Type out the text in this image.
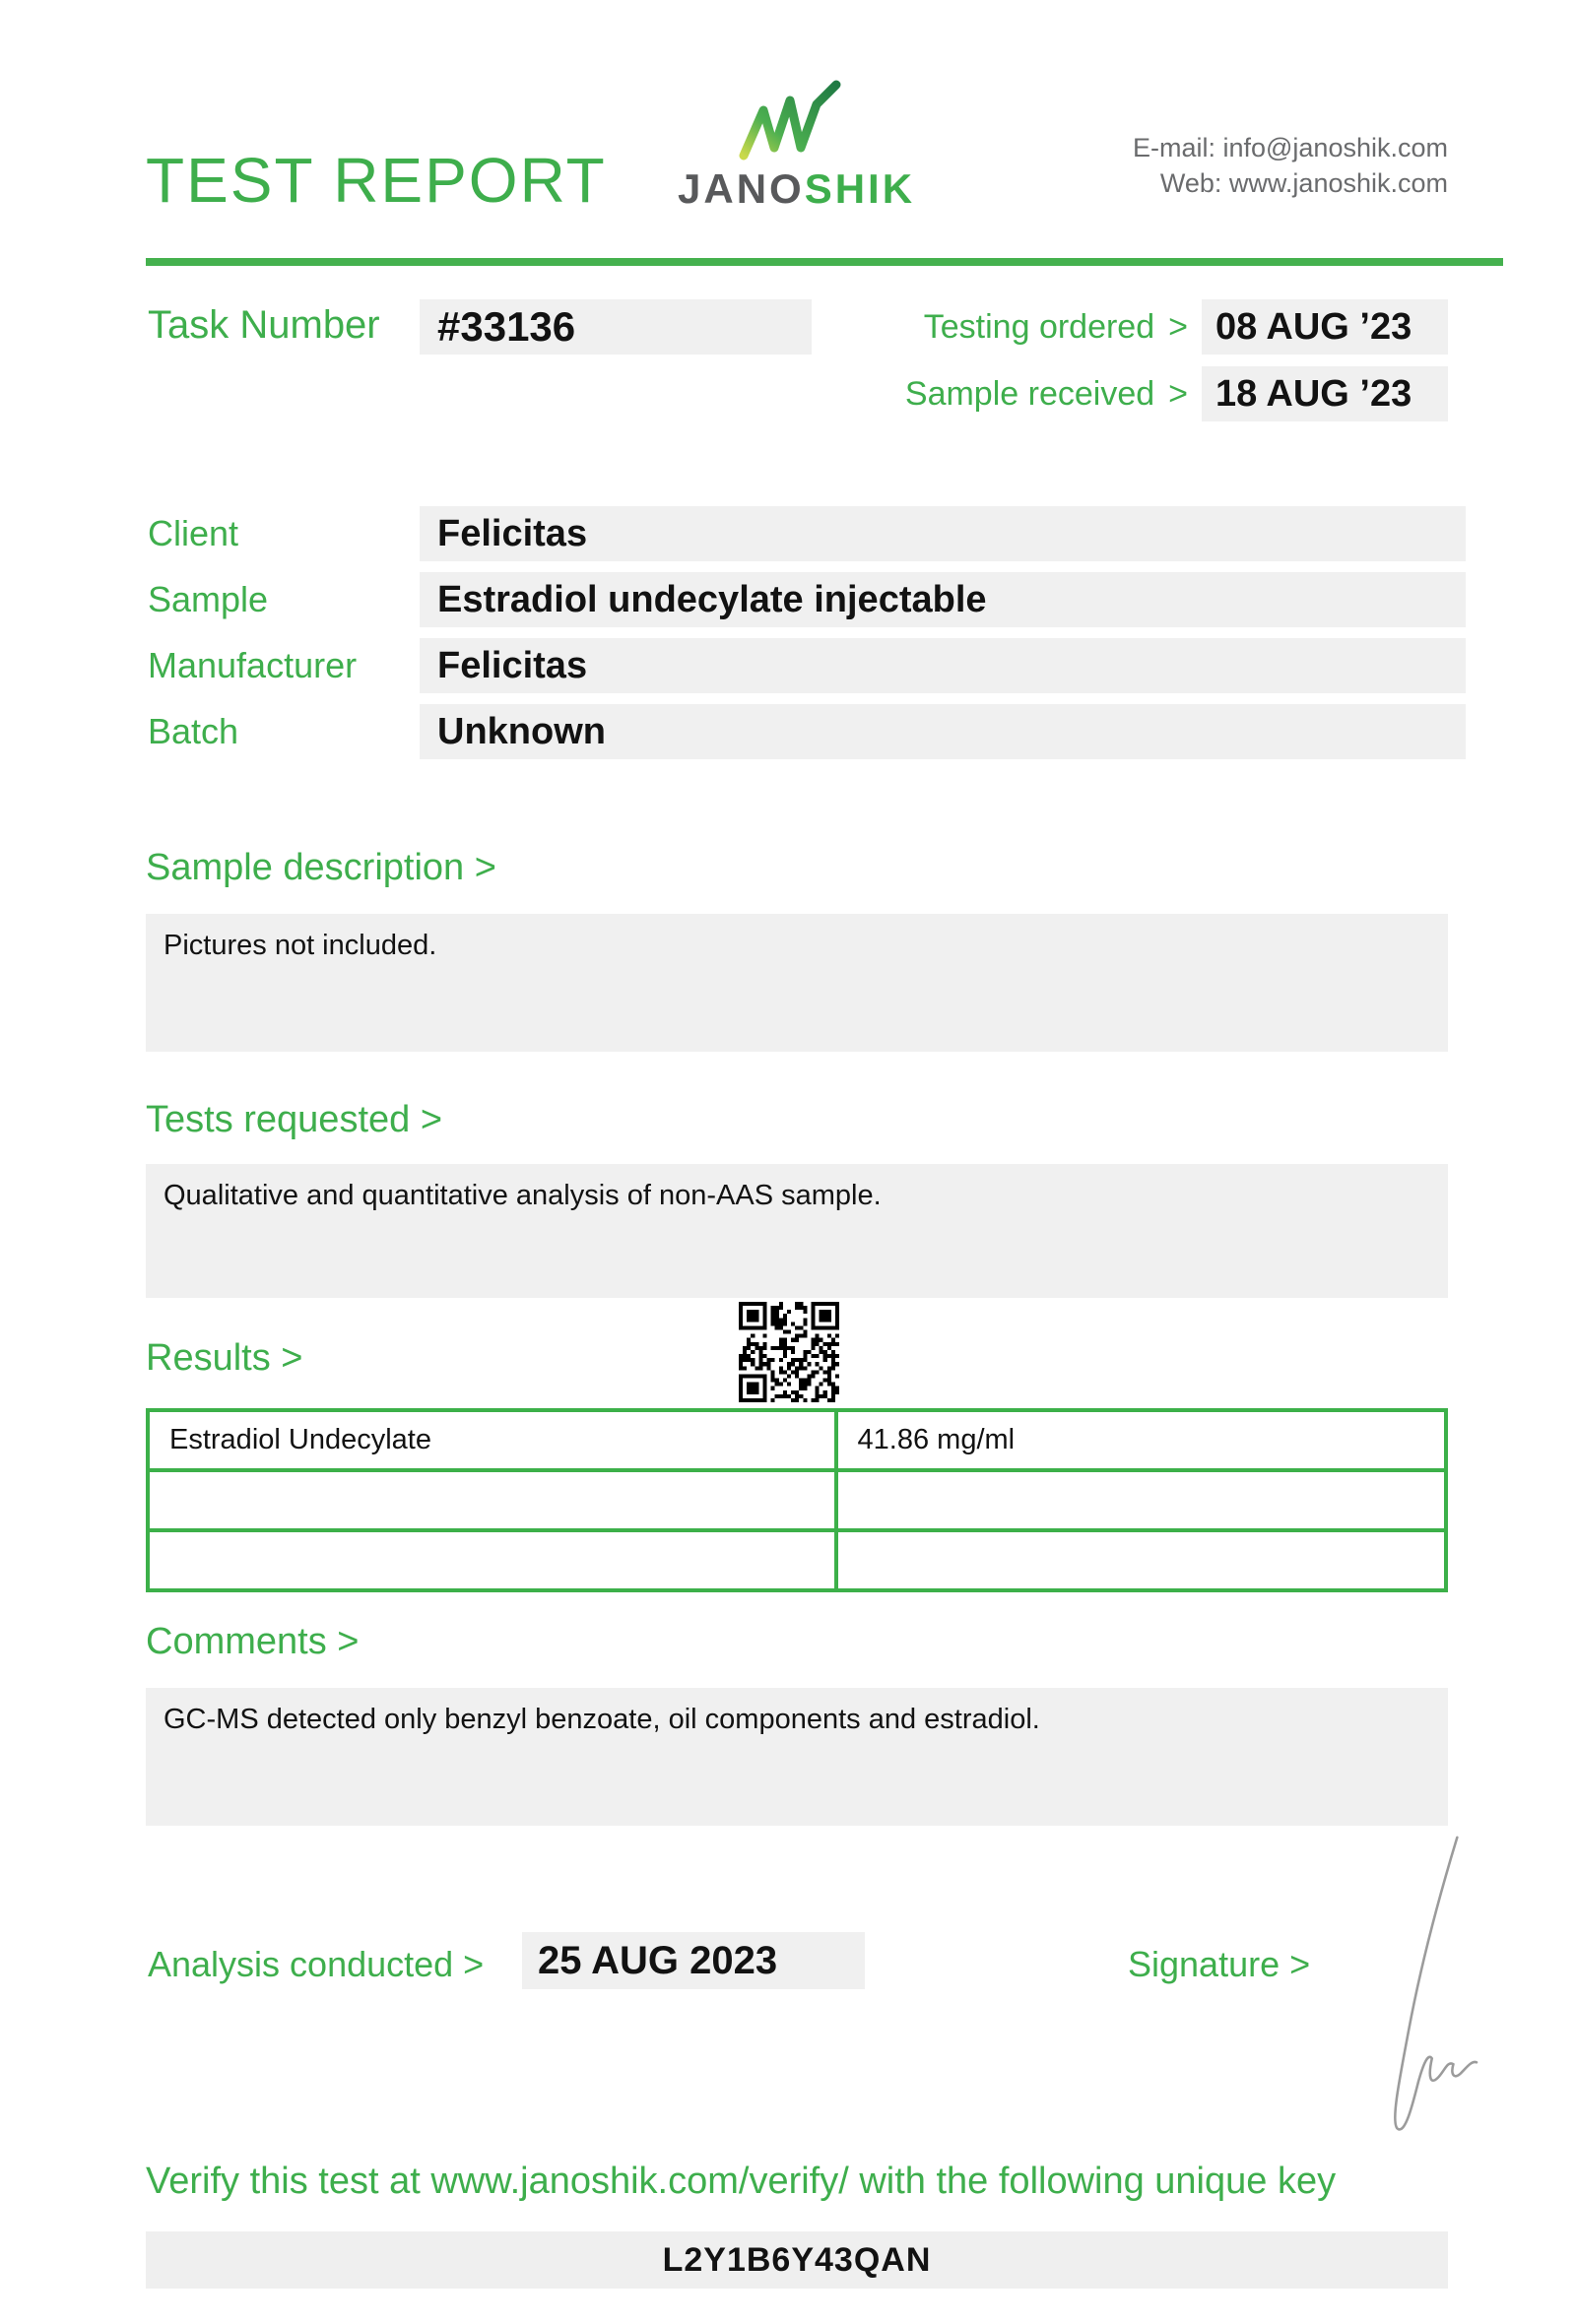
TEST REPORT JANOSHIK
E-mail: info@janoshik.com
Web: www.janoshik.com
Task Number #33136	Testing ordered > 08 AUG ’23
Sample received > 18 AUG ’23
Client	Felicitas
Sample	Estradiol undecylate injectable
Manufacturer Felicitas
Batch	Unknown
Sample description >
Pictures not included.
Tests requested >
Qualitative and quantitative analysis of non-AAS sample.
Results >
Estradiol Undecylate	41.86 mg/ml

Comments >
GC-MS detected only benzyl benzoate, oil components and estradiol.
Analysis conducted > 25 AUG 2023	Signature >
Verify this test at www.janoshik.com/verify/ with the following unique key
L2Y1B6Y43QAN
